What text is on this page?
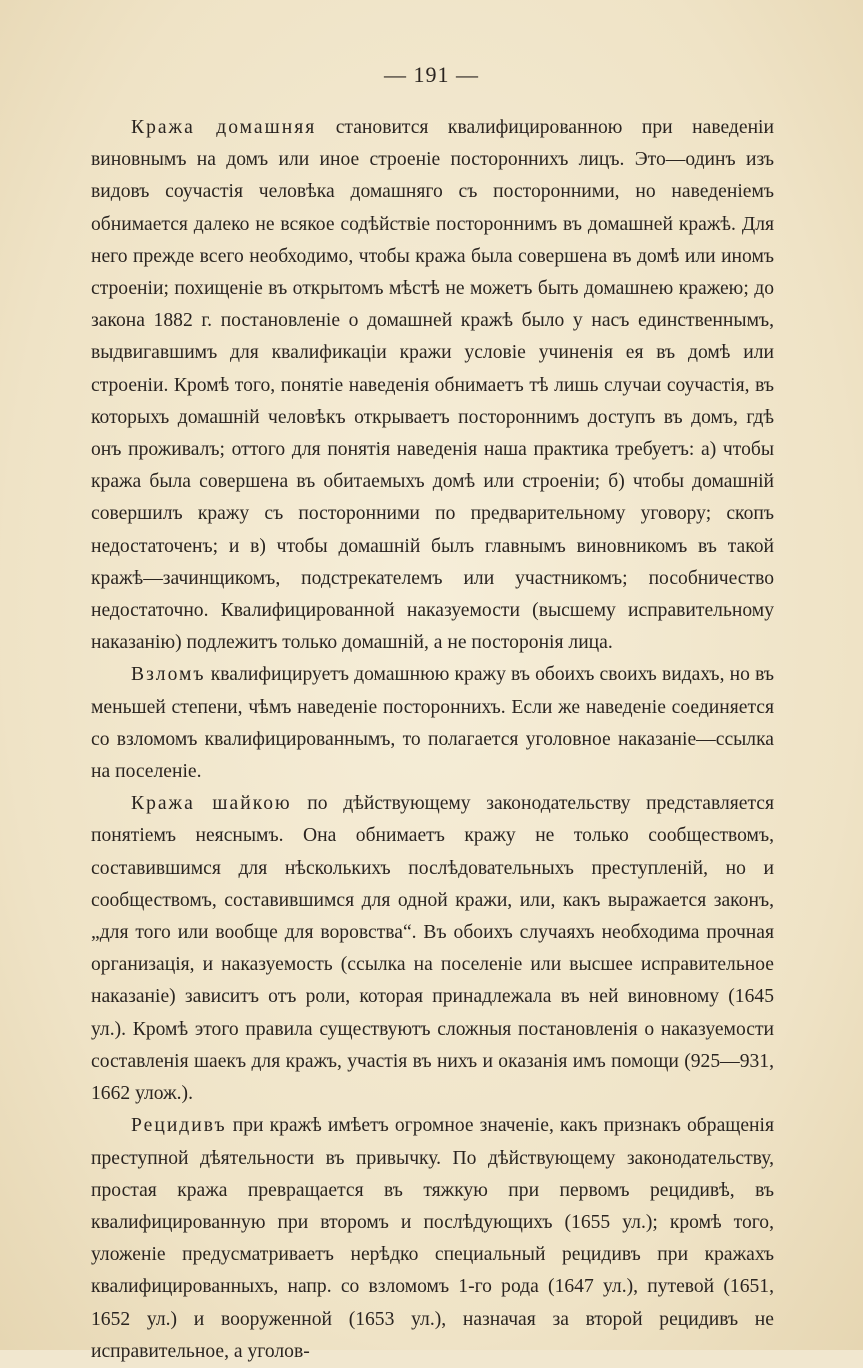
— 191 —

Кража домашняя становится квалифицированною при наведеніи виновнымъ на домъ или иное строеніе постороннихъ лицъ. Это—одинъ изъ видовъ соучастія человѣка домашняго съ посторонними, но наведеніемъ обнимается далеко не всякое содѣйствіе постороннимъ въ домашней кражѣ. Для него прежде всего необходимо, чтобы кража была совершена въ домѣ или иномъ строеніи; похищеніе въ открытомъ мѣстѣ не можетъ быть домашнею кражею; до закона 1882 г. постановленіе о домашней кражѣ было у насъ единственнымъ, выдвигавшимъ для квалификаціи кражи условіе учиненія ея въ домѣ или строеніи. Кромѣ того, понятіе наведенія обнимаетъ тѣ лишь случаи соучастія, въ которыхъ домашній человѣкъ открываетъ постороннимъ доступъ въ домъ, гдѣ онъ проживалъ; оттого для понятія наведенія наша практика требуетъ: а) чтобы кража была совершена въ обитаемыхъ домѣ или строеніи; б) чтобы домашній совершилъ кражу съ посторонними по предварительному уговору; скопъ недостаточенъ; и в) чтобы домашній былъ главнымъ виновникомъ въ такой кражѣ—зачинщикомъ, подстрекателемъ или участникомъ; пособничество недостаточно. Квалифицированной наказуемости (высшему исправительному наказанію) подлежитъ только домашній, а не посторонія лица.

Взломъ квалифицируетъ домашнюю кражу въ обоихъ своихъ видахъ, но въ меньшей степени, чѣмъ наведеніе постороннихъ. Если же наведеніе соединяется со взломомъ квалифицированнымъ, то полагается уголовное наказаніе—ссылка на поселеніе.

Кража шайкою по дѣйствующему законодательству представляется понятіемъ неяснымъ. Она обнимаетъ кражу не только сообществомъ, составившимся для нѣсколькихъ послѣдовательныхъ преступленій, но и сообществомъ, составившимся для одной кражи, или, какъ выражается законъ, „для того или вообще для воровства“. Въ обоихъ случаяхъ необходима прочная организація, и наказуемость (ссылка на поселеніе или высшее исправительное наказаніе) зависитъ отъ роли, которая принадлежала въ ней виновному (1645 ул.). Кромѣ этого правила существуютъ сложныя постановленія о наказуемости составленія шаекъ для кражъ, участія въ нихъ и оказанія имъ помощи (925—931, 1662 улож.).

Рецидивъ при кражѣ имѣетъ огромное значеніе, какъ признакъ обращенія преступной дѣятельности въ привычку. По дѣйствующему законодательству, простая кража превращается въ тяжкую при первомъ рецидивѣ, въ квалифицированную при второмъ и послѣдующихъ (1655 ул.); кромѣ того, уложеніе предусматриваетъ нерѣдко специальный рецидивъ при кражахъ квалифицированныхъ, напр. со взломомъ 1-го рода (1647 ул.), путевой (1651, 1652 ул.) и вооруженной (1653 ул.), назначая за второй рецидивъ не исправительное, а уголов-
